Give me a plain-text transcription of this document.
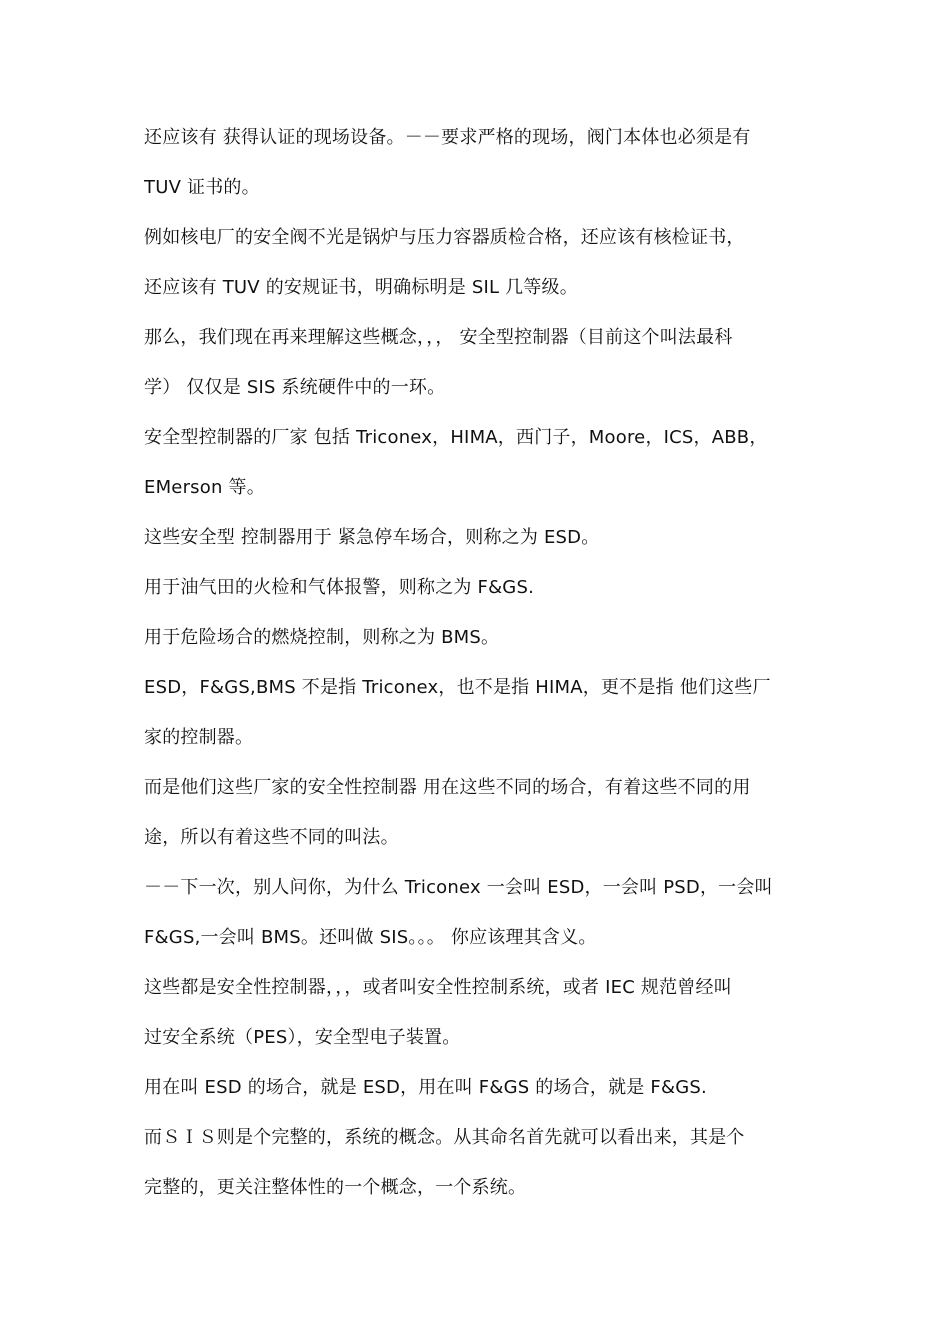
还应该有 获得认证的现场设备。－－要求严格的现场，阀门本体也必须是有
TUV 证书的。
例如核电厂的安全阀不光是锅炉与压力容器质检合格，还应该有核检证书，
还应该有 TUV 的安规证书，明确标明是 SIL 几等级。
那么，我们现在再来理解这些概念，，， 安全型控制器（目前这个叫法最科
学） 仅仅是 SIS 系统硬件中的一环。
安全型控制器的厂家 包括 Triconex，HIMA，西门子，Moore，ICS，ABB，
EMerson 等。
这些安全型 控制器用于 紧急停车场合，则称之为 ESD。
用于油气田的火检和气体报警，则称之为 F&GS.
用于危险场合的燃烧控制，则称之为 BMS。
ESD，F&GS,BMS 不是指 Triconex，也不是指 HIMA，更不是指 他们这些厂
家的控制器。
而是他们这些厂家的安全性控制器 用在这些不同的场合，有着这些不同的用
途，所以有着这些不同的叫法。
－－下一次，别人问你，为什么 Triconex 一会叫 ESD，一会叫 PSD，一会叫
F&GS,一会叫 BMS。还叫做 SIS。。。 你应该理其含义。
这些都是安全性控制器，，，或者叫安全性控制系统，或者 IEC 规范曾经叫
过安全系统（PES），安全型电子装置。
用在叫 ESD 的场合，就是 ESD，用在叫 F&GS 的场合，就是 F&GS.
而ＳＩＳ则是个完整的，系统的概念。从其命名首先就可以看出来，其是个
完整的，更关注整体性的一个概念，一个系统。
